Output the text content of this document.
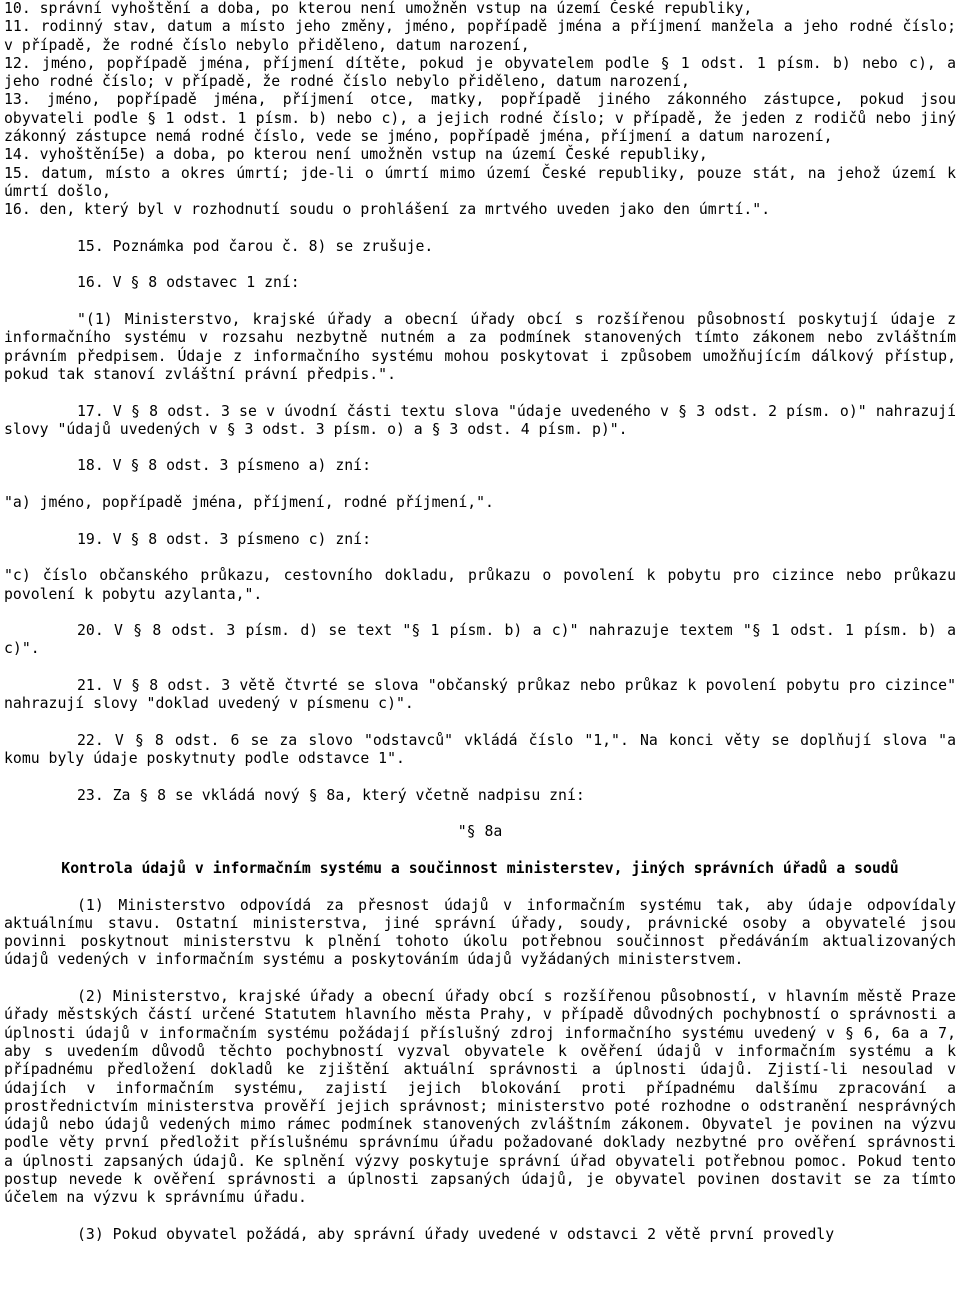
10. správní vyhoštění a doba, po kterou není umožněn vstup na území České republiky,

11. rodinný stav, datum a místo jeho změny, jméno, popřípadě jména a příjmení manžela a jeho rodné číslo; v případě, že rodné číslo nebylo přiděleno, datum narození,

12. jméno, popřípadě jména, příjmení dítěte, pokud je obyvatelem podle § 1 odst. 1 písm. b) nebo c), a jeho rodné číslo; v případě, že rodné číslo nebylo přiděleno, datum narození,

13. jméno, popřípadě jména, příjmení otce, matky, popřípadě jiného zákonného zástupce, pokud jsou obyvateli podle § 1 odst. 1 písm. b) nebo c), a jejich rodné číslo; v případě, že jeden z rodičů nebo jiný zákonný zástupce nemá rodné číslo, vede se jméno, popřípadě jména, příjmení a datum narození,

14. vyhoštění5e) a doba, po kterou není umožněn vstup na území České republiky,

15. datum, místo a okres úmrtí; jde-li o úmrtí mimo území České republiky, pouze stát, na jehož území k úmrtí došlo,

16. den, který byl v rozhodnutí soudu o prohlášení za mrtvého uveden jako den úmrtí.".

15. Poznámka pod čarou č. 8) se zrušuje.

16. V § 8 odstavec 1 zní:

"(1) Ministerstvo, krajské úřady a obecní úřady obcí s rozšířenou působností poskytují údaje z informačního systému v rozsahu nezbytně nutném a za podmínek stanovených tímto zákonem nebo zvláštním právním předpisem. Údaje z informačního systému mohou poskytovat i způsobem umožňujícím dálkový přístup, pokud tak stanoví zvláštní právní předpis.".

17. V § 8 odst. 3 se v úvodní části textu slova "údaje uvedeného v § 3 odst. 2 písm. o)" nahrazují slovy "údajů uvedených v § 3 odst. 3 písm. o) a § 3 odst. 4 písm. p)".

18. V § 8 odst. 3 písmeno a) zní:

"a) jméno, popřípadě jména, příjmení, rodné příjmení,".

19. V § 8 odst. 3 písmeno c) zní:

"c) číslo občanského průkazu, cestovního dokladu, průkazu o povolení k pobytu pro cizince nebo průkazu povolení k pobytu azylanta,".

20. V § 8 odst. 3 písm. d) se text "§ 1 písm. b) a c)" nahrazuje textem "§ 1 odst. 1 písm. b) a c)".

21. V § 8 odst. 3 větě čtvrté se slova "občanský průkaz nebo průkaz k povolení pobytu pro cizince" nahrazují slovy "doklad uvedený v písmenu c)".

22. V § 8 odst. 6 se za slovo "odstavců" vkládá číslo "1,". Na konci věty se doplňují slova "a komu byly údaje poskytnuty podle odstavce 1".

23. Za § 8 se vkládá nový § 8a, který včetně nadpisu zní:

"§ 8a

Kontrola údajů v informačním systému a součinnost ministerstev, jiných správních úřadů a soudů

(1) Ministerstvo odpovídá za přesnost údajů v informačním systému tak, aby údaje odpovídaly aktuálnímu stavu. Ostatní ministerstva, jiné správní úřady, soudy, právnické osoby a obyvatelé jsou povinni poskytnout ministerstvu k plnění tohoto úkolu potřebnou součinnost předáváním aktualizovaných údajů vedených v informačním systému a poskytováním údajů vyžádaných ministerstvem.

(2) Ministerstvo, krajské úřady a obecní úřady obcí s rozšířenou působností, v hlavním městě Praze úřady městských částí určené Statutem hlavního města Prahy, v případě důvodných pochybností o správnosti a úplnosti údajů v informačním systému požádají příslušný zdroj informačního systému uvedený v § 6, 6a a 7, aby s uvedením důvodů těchto pochybností vyzval obyvatele k ověření údajů v informačním systému a k případnému předložení dokladů ke zjištění aktuální správnosti a úplnosti údajů. Zjistí-li nesoulad v údajích v informačním systému, zajistí jejich blokování proti případnému dalšímu zpracování a prostřednictvím ministerstva prověří jejich správnost; ministerstvo poté rozhodne o odstranění nesprávných údajů nebo údajů vedených mimo rámec podmínek stanovených zvláštním zákonem. Obyvatel je povinen na výzvu podle věty první předložit příslušnému správnímu úřadu požadované doklady nezbytné pro ověření správnosti a úplnosti zapsaných údajů. Ke splnění výzvy poskytuje správní úřad obyvateli potřebnou pomoc. Pokud tento postup nevede k ověření správnosti a úplnosti zapsaných údajů, je obyvatel povinen dostavit se za tímto účelem na výzvu k správnímu úřadu.

(3) Pokud obyvatel požádá, aby správní úřady uvedené v odstavci 2 větě první provedly
